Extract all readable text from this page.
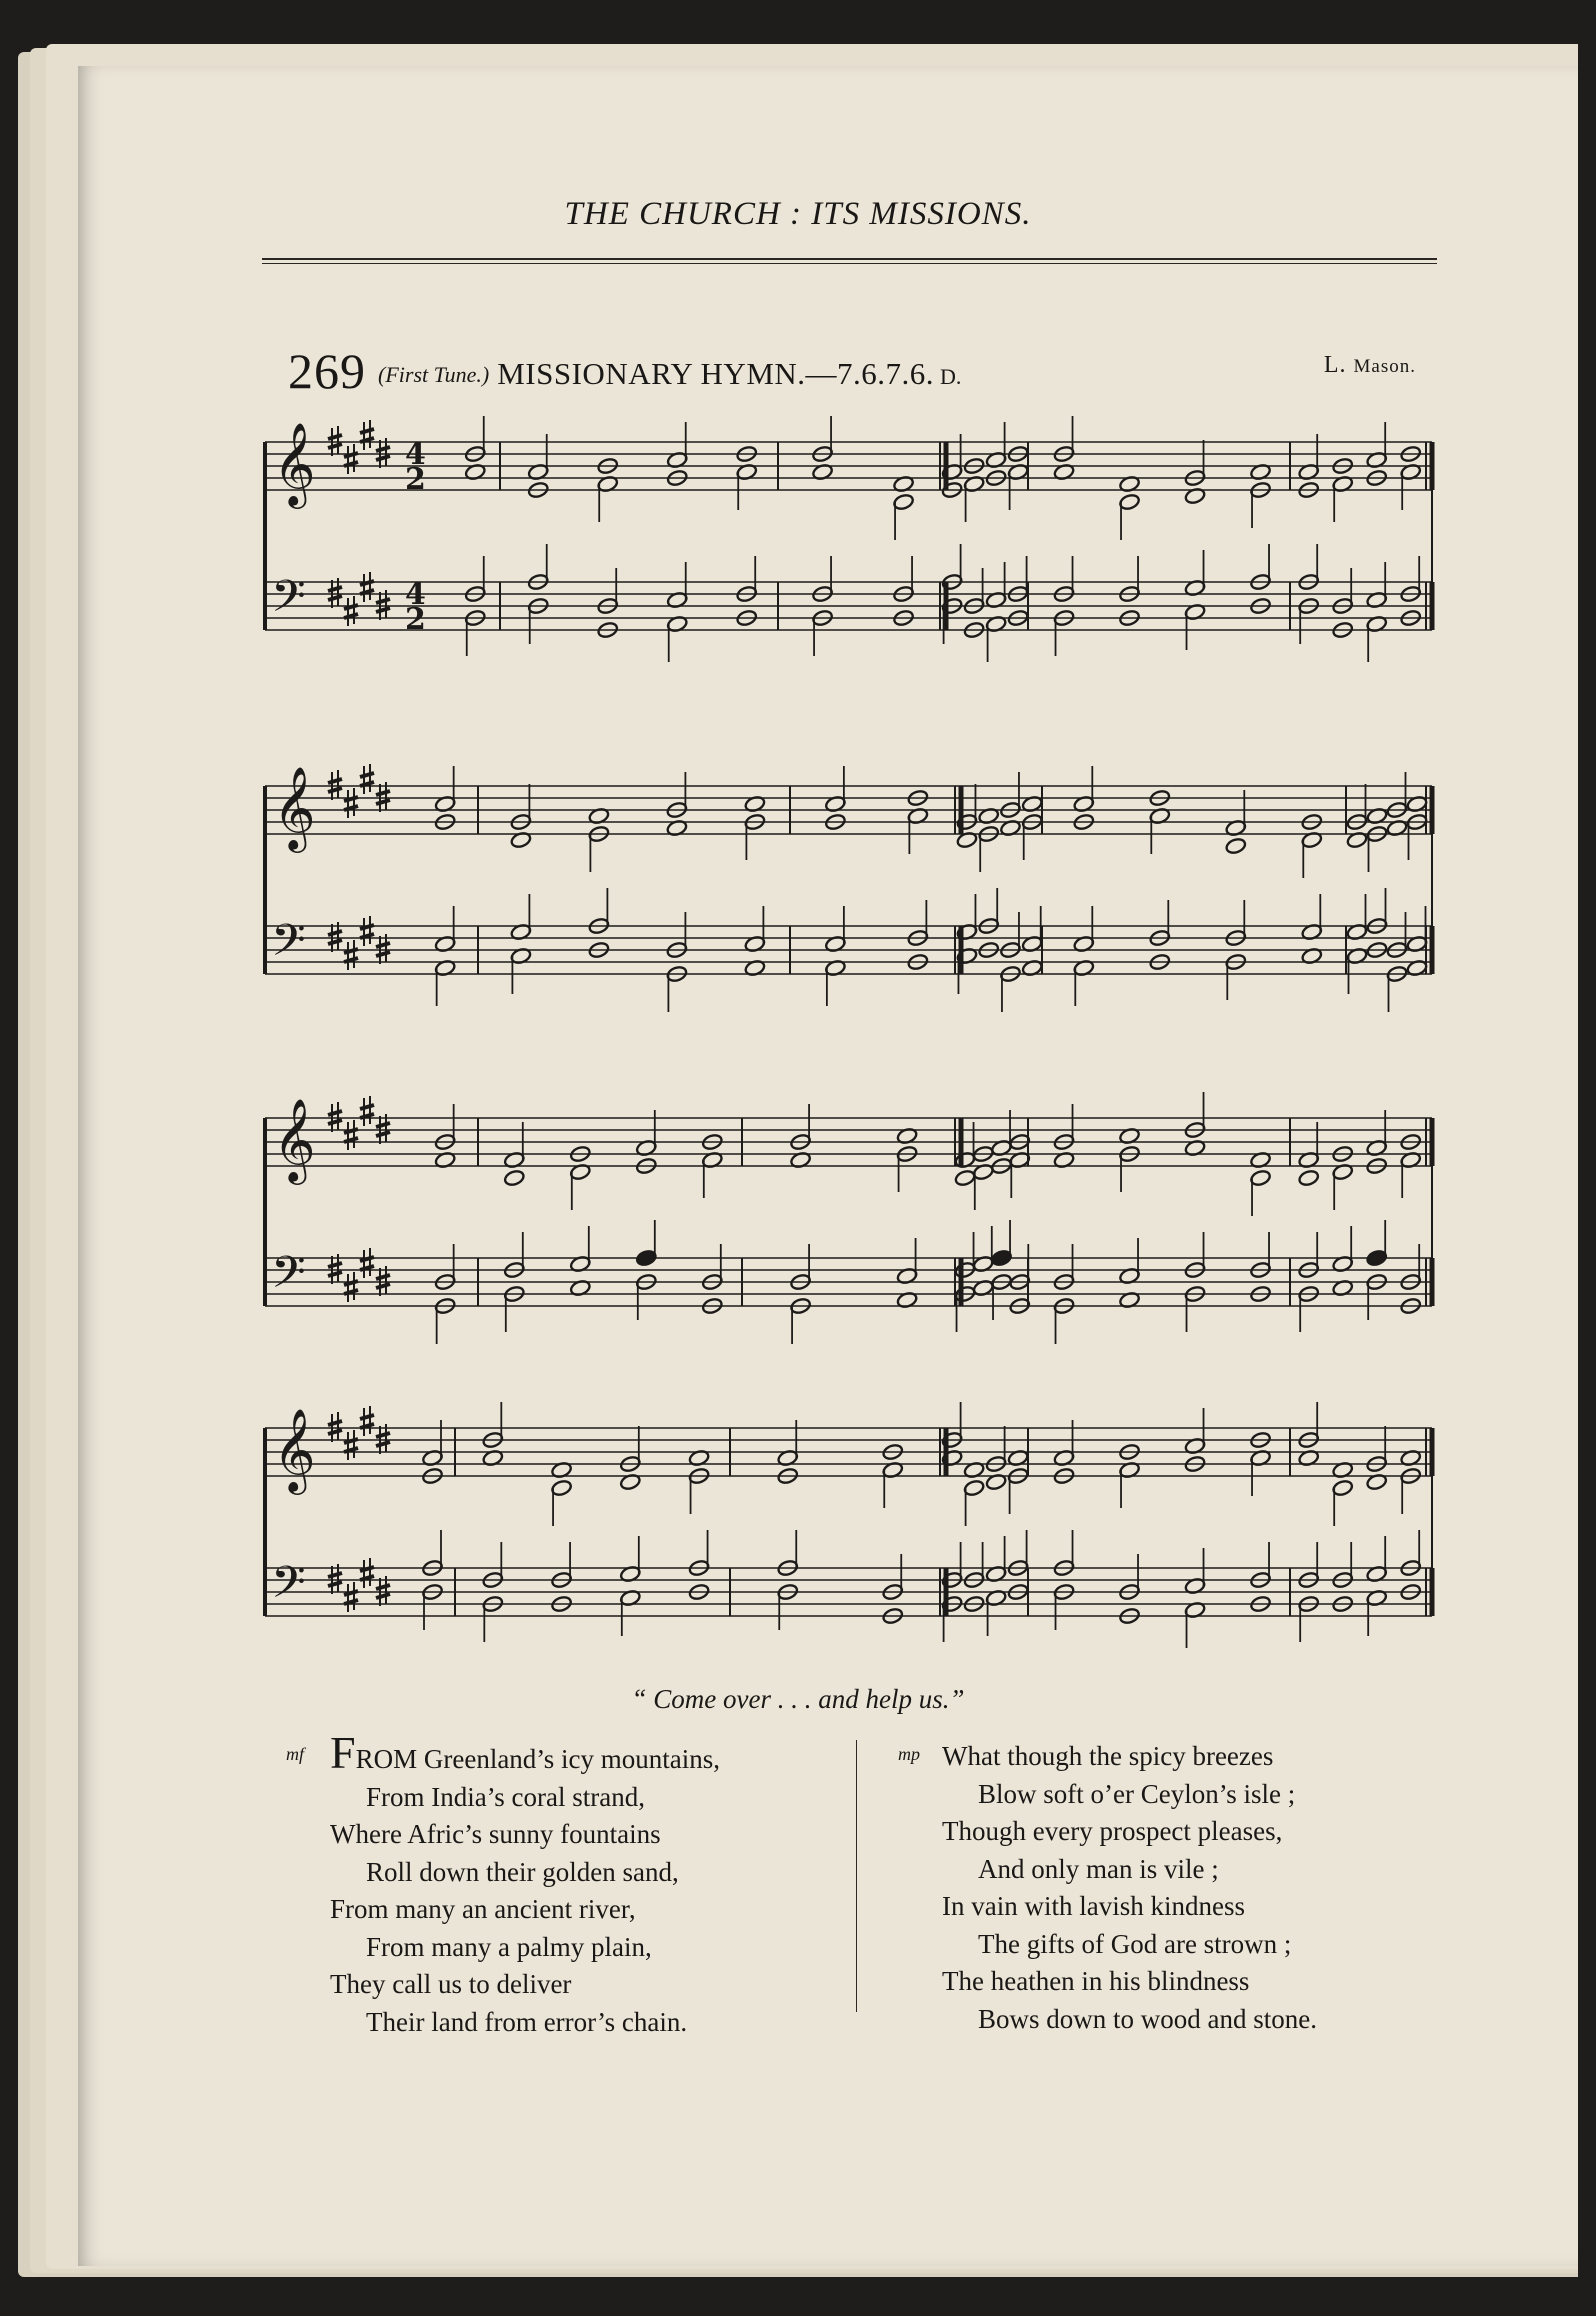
THE CHURCH : ITS MISSIONS.
269 (First Tune.) MISSIONARY HYMN.—7.6.7.6. D.	L. Mason.
𝄞
𝄢
4
2
4
2
𝄞
𝄢
𝄞
𝄢
𝄞
𝄢
“ Come over . . . and help us.”
mf FROM Greenland’s icy mountains,
From India’s coral strand,
Where Afric’s sunny fountains
Roll down their golden sand,
From many an ancient river,
From many a palmy plain,
They call us to deliver
Their land from error’s chain.
mp What though the spicy breezes
Blow soft o’er Ceylon’s isle ;
Though every prospect pleases,
And only man is vile ;
In vain with lavish kindness
The gifts of God are strown ;
The heathen in his blindness
Bows down to wood and stone.
